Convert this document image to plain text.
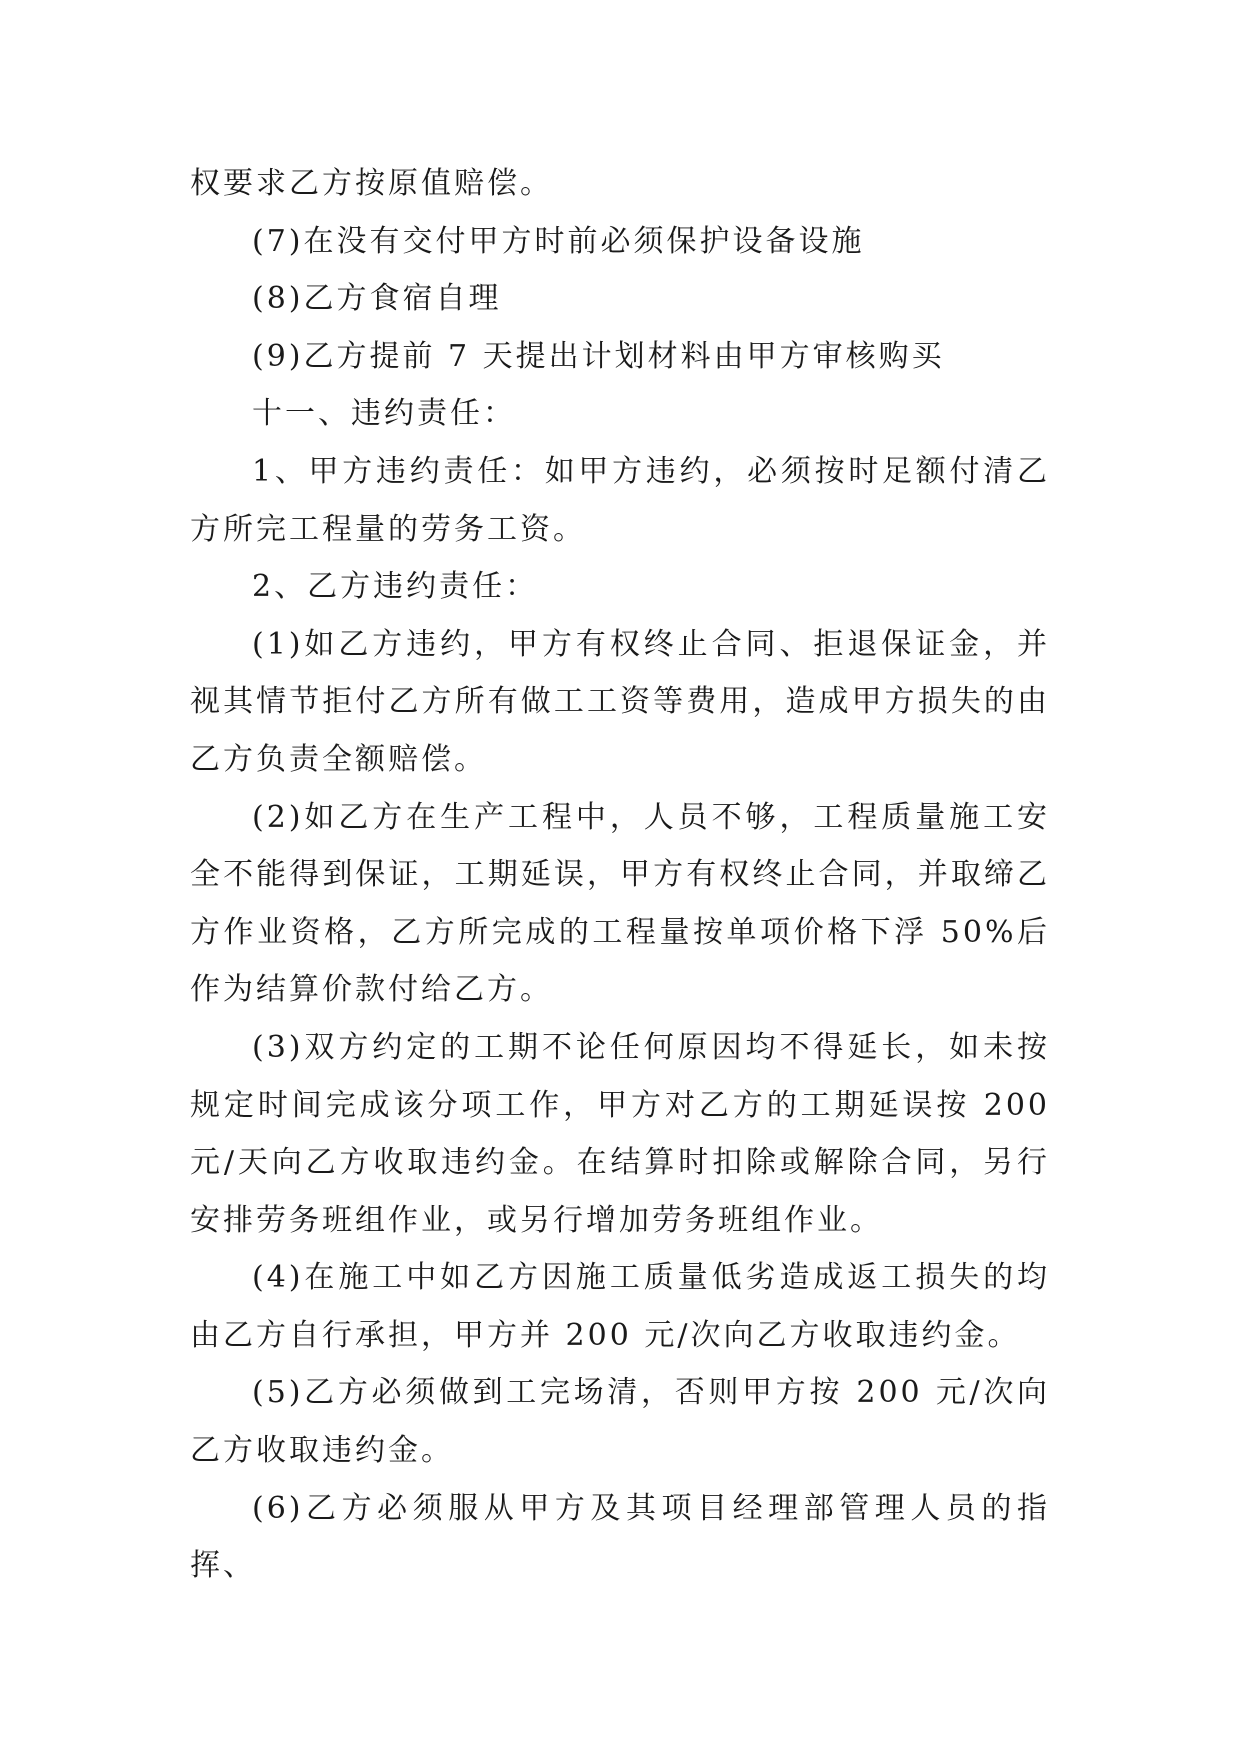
权要求乙方按原值赔偿。

(7)在没有交付甲方时前必须保护设备设施

(8)乙方食宿自理

(9)乙方提前 7 天提出计划材料由甲方审核购买

十一、违约责任：

1、甲方违约责任：如甲方违约，必须按时足额付清乙方所完工程量的劳务工资。

2、乙方违约责任：

(1)如乙方违约，甲方有权终止合同、拒退保证金，并视其情节拒付乙方所有做工工资等费用，造成甲方损失的由乙方负责全额赔偿。

(2)如乙方在生产工程中，人员不够，工程质量施工安全不能得到保证，工期延误，甲方有权终止合同，并取缔乙方作业资格，乙方所完成的工程量按单项价格下浮 50%后作为结算价款付给乙方。

(3)双方约定的工期不论任何原因均不得延长，如未按规定时间完成该分项工作，甲方对乙方的工期延误按 200 元/天向乙方收取违约金。在结算时扣除或解除合同，另行安排劳务班组作业，或另行增加劳务班组作业。

(4)在施工中如乙方因施工质量低劣造成返工损失的均由乙方自行承担，甲方并 200 元/次向乙方收取违约金。

(5)乙方必须做到工完场清，否则甲方按 200 元/次向乙方收取违约金。

(6)乙方必须服从甲方及其项目经理部管理人员的指挥、
